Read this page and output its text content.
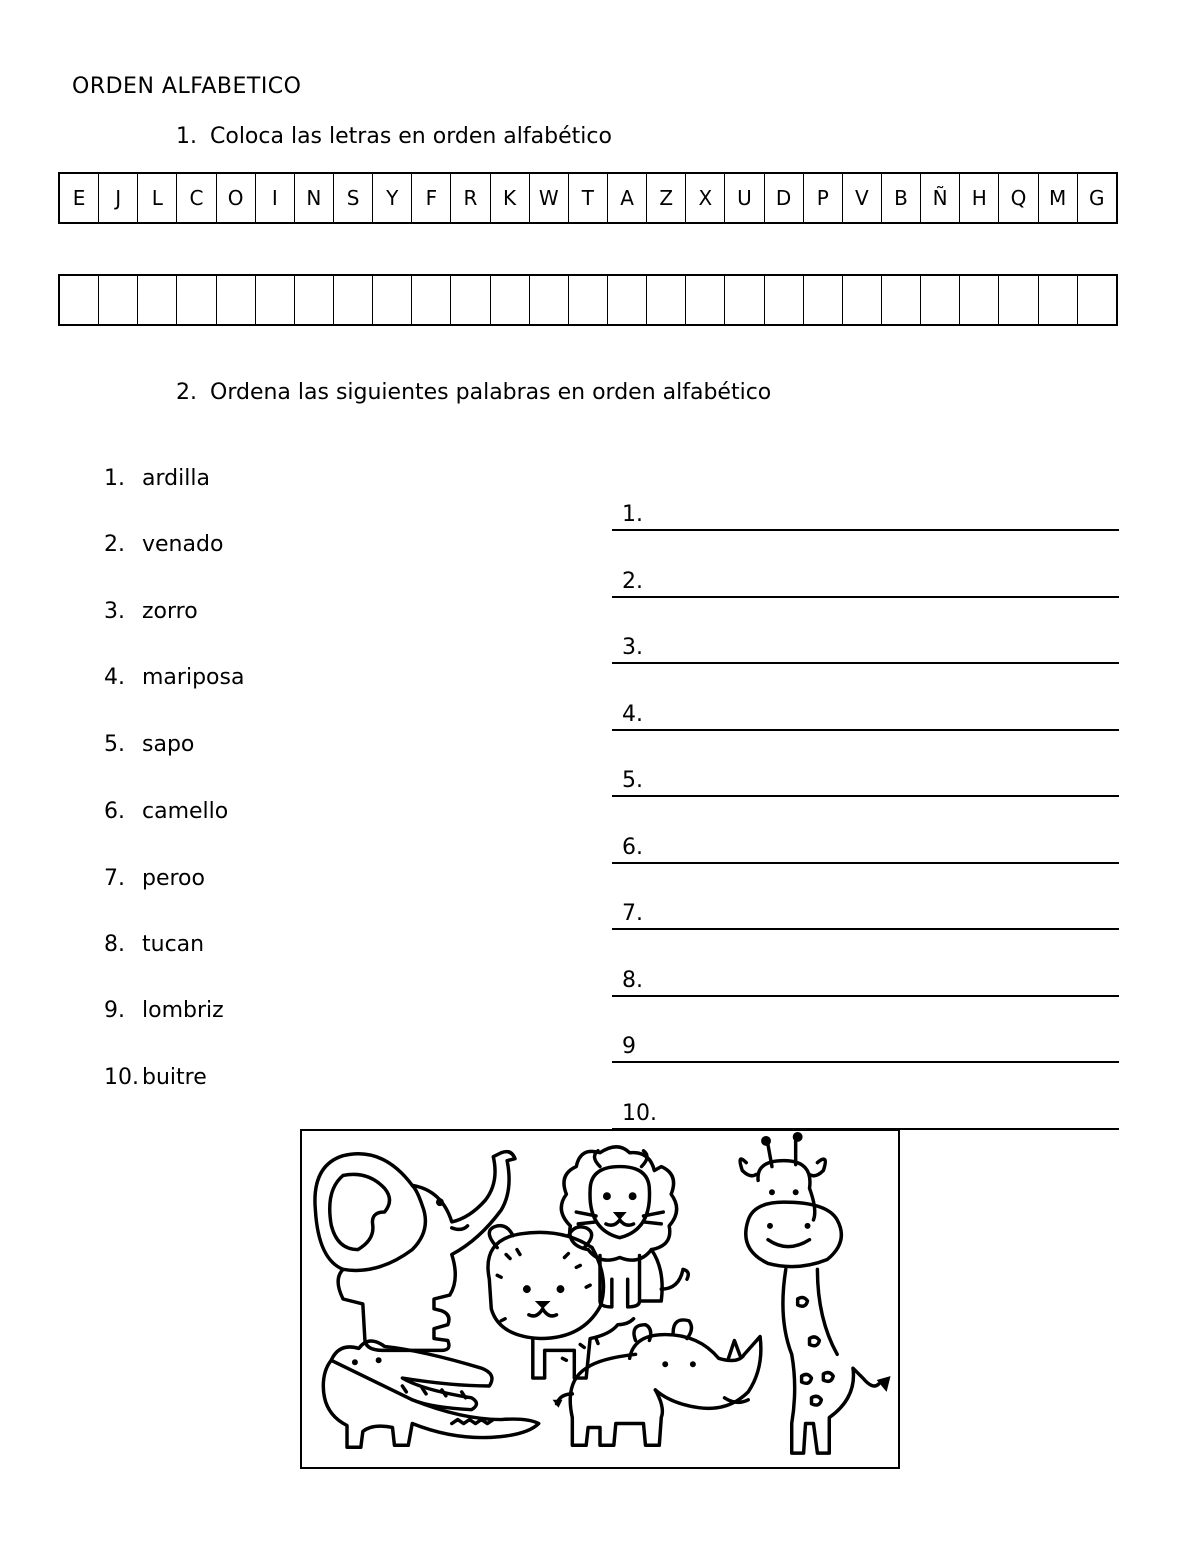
ORDEN ALFABETICO
1. Coloca las letras en orden alfabético
E	J	L	C	O	I	N	S	Y	F	R	K	W	T	A	Z	X	U	D	P	V	B	Ñ	H	Q	M	G
2. Ordena las siguientes palabras en orden alfabético
1. ardilla
2. venado
3. zorro
4. mariposa
5. sapo
6. camello
7. peroo
8. tucan
9. lombriz
10. buitre
1.
2.
3.
4.
5.
6.
7.
8.
9
10.
